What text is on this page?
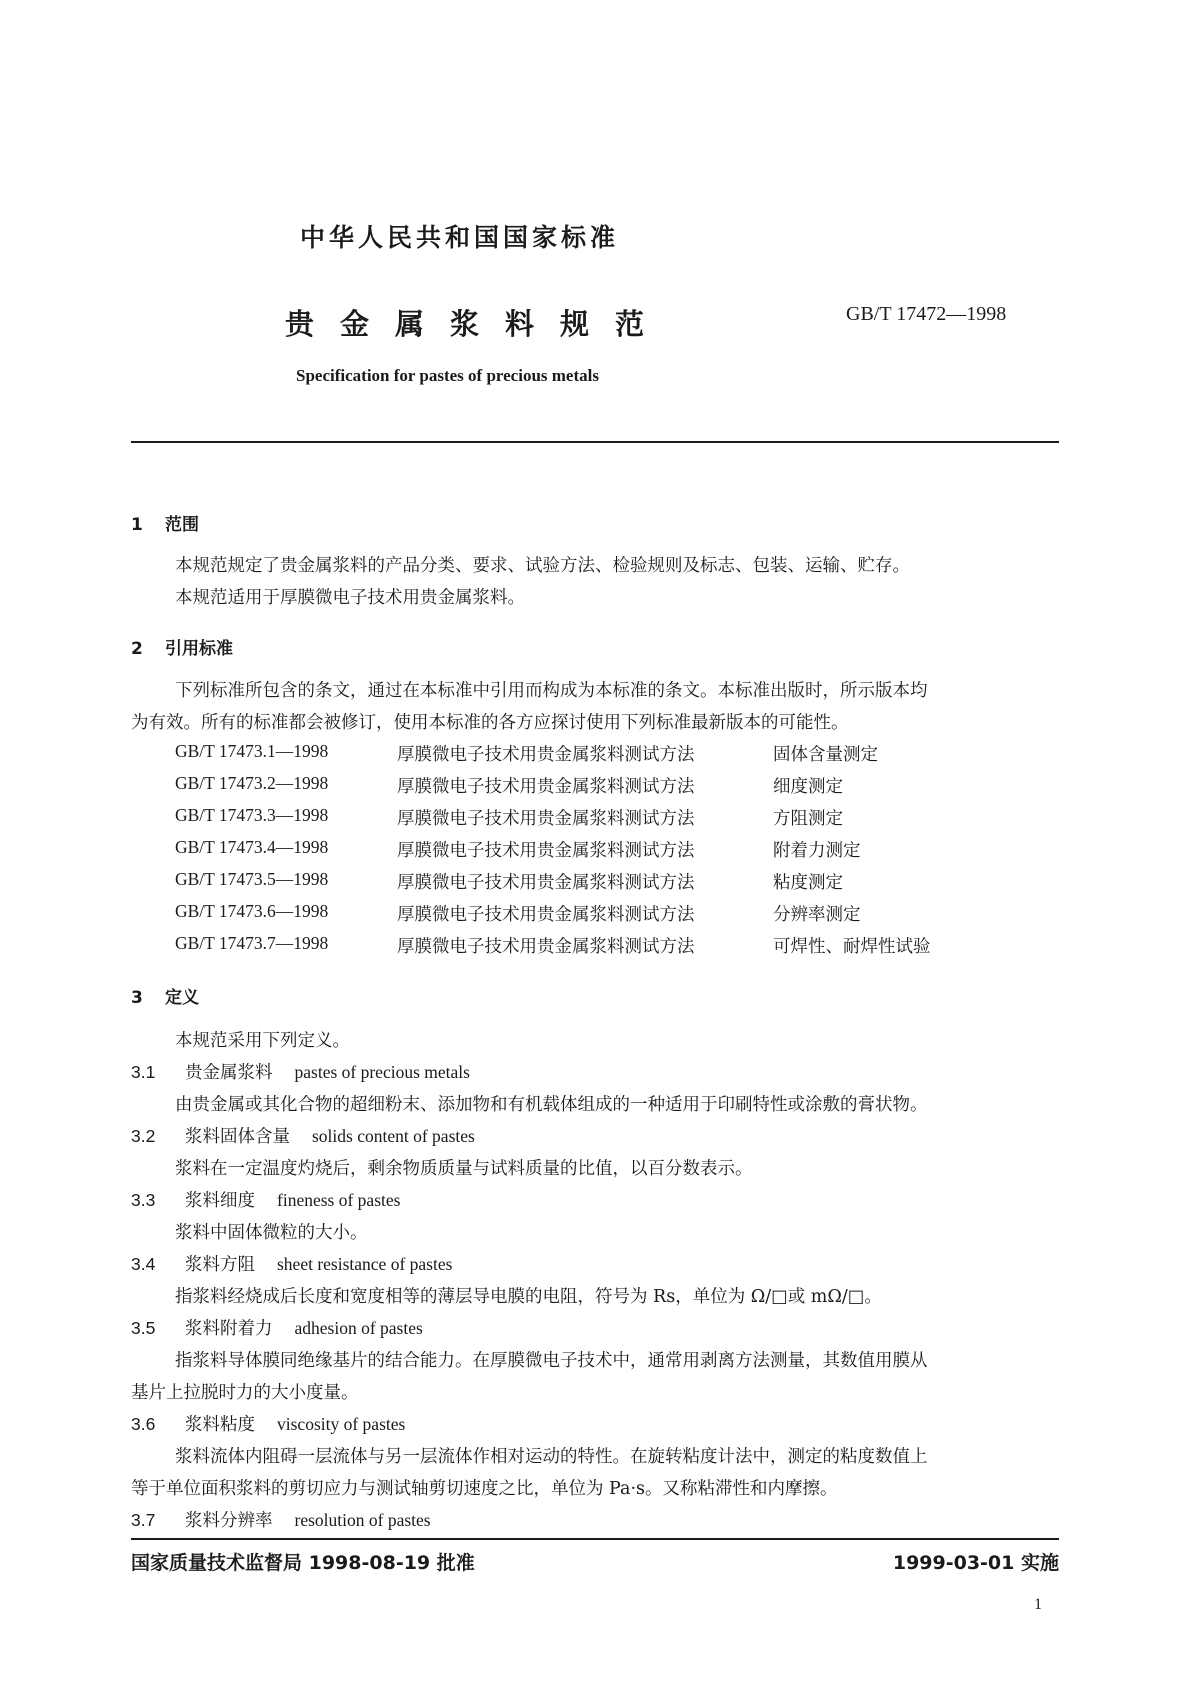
中华人民共和国国家标准
贵金属浆料规范	GB/T 17472—1998
Specification for pastes of precious metals
1 范围
本规范规定了贵金属浆料的产品分类、要求、试验方法、检验规则及标志、包装、运输、贮存。
本规范适用于厚膜微电子技术用贵金属浆料。
2 引用标准
下列标准所包含的条文，通过在本标准中引用而构成为本标准的条文。本标准出版时，所示版本均
为有效。所有的标准都会被修订，使用本标准的各方应探讨使用下列标准最新版本的可能性。
GB/T 17473.1—1998	厚膜微电子技术用贵金属浆料测试方法	固体含量测定
GB/T 17473.2—1998	厚膜微电子技术用贵金属浆料测试方法	细度测定
GB/T 17473.3—1998	厚膜微电子技术用贵金属浆料测试方法	方阻测定
GB/T 17473.4—1998	厚膜微电子技术用贵金属浆料测试方法	附着力测定
GB/T 17473.5—1998	厚膜微电子技术用贵金属浆料测试方法	粘度测定
GB/T 17473.6—1998	厚膜微电子技术用贵金属浆料测试方法	分辨率测定
GB/T 17473.7—1998	厚膜微电子技术用贵金属浆料测试方法	可焊性、耐焊性试验
3 定义
本规范采用下列定义。
3.1 贵金属浆料 pastes of precious metals
由贵金属或其化合物的超细粉末、添加物和有机载体组成的一种适用于印刷特性或涂敷的膏状物。
3.2 浆料固体含量 solids content of pastes
浆料在一定温度灼烧后，剩余物质质量与试料质量的比值，以百分数表示。
3.3 浆料细度 fineness of pastes
浆料中固体微粒的大小。
3.4 浆料方阻 sheet resistance of pastes
指浆料经烧成后长度和宽度相等的薄层导电膜的电阻，符号为 Rs，单位为 Ω/□或 mΩ/□。
3.5 浆料附着力 adhesion of pastes
指浆料导体膜同绝缘基片的结合能力。在厚膜微电子技术中，通常用剥离方法测量，其数值用膜从
基片上拉脱时力的大小度量。
3.6 浆料粘度 viscosity of pastes
浆料流体内阻碍一层流体与另一层流体作相对运动的特性。在旋转粘度计法中，测定的粘度数值上
等于单位面积浆料的剪切应力与测试轴剪切速度之比，单位为 Pa·s。又称粘滞性和内摩擦。
3.7 浆料分辨率 resolution of pastes
国家质量技术监督局 1998-08-19 批准	1999-03-01 实施
1
